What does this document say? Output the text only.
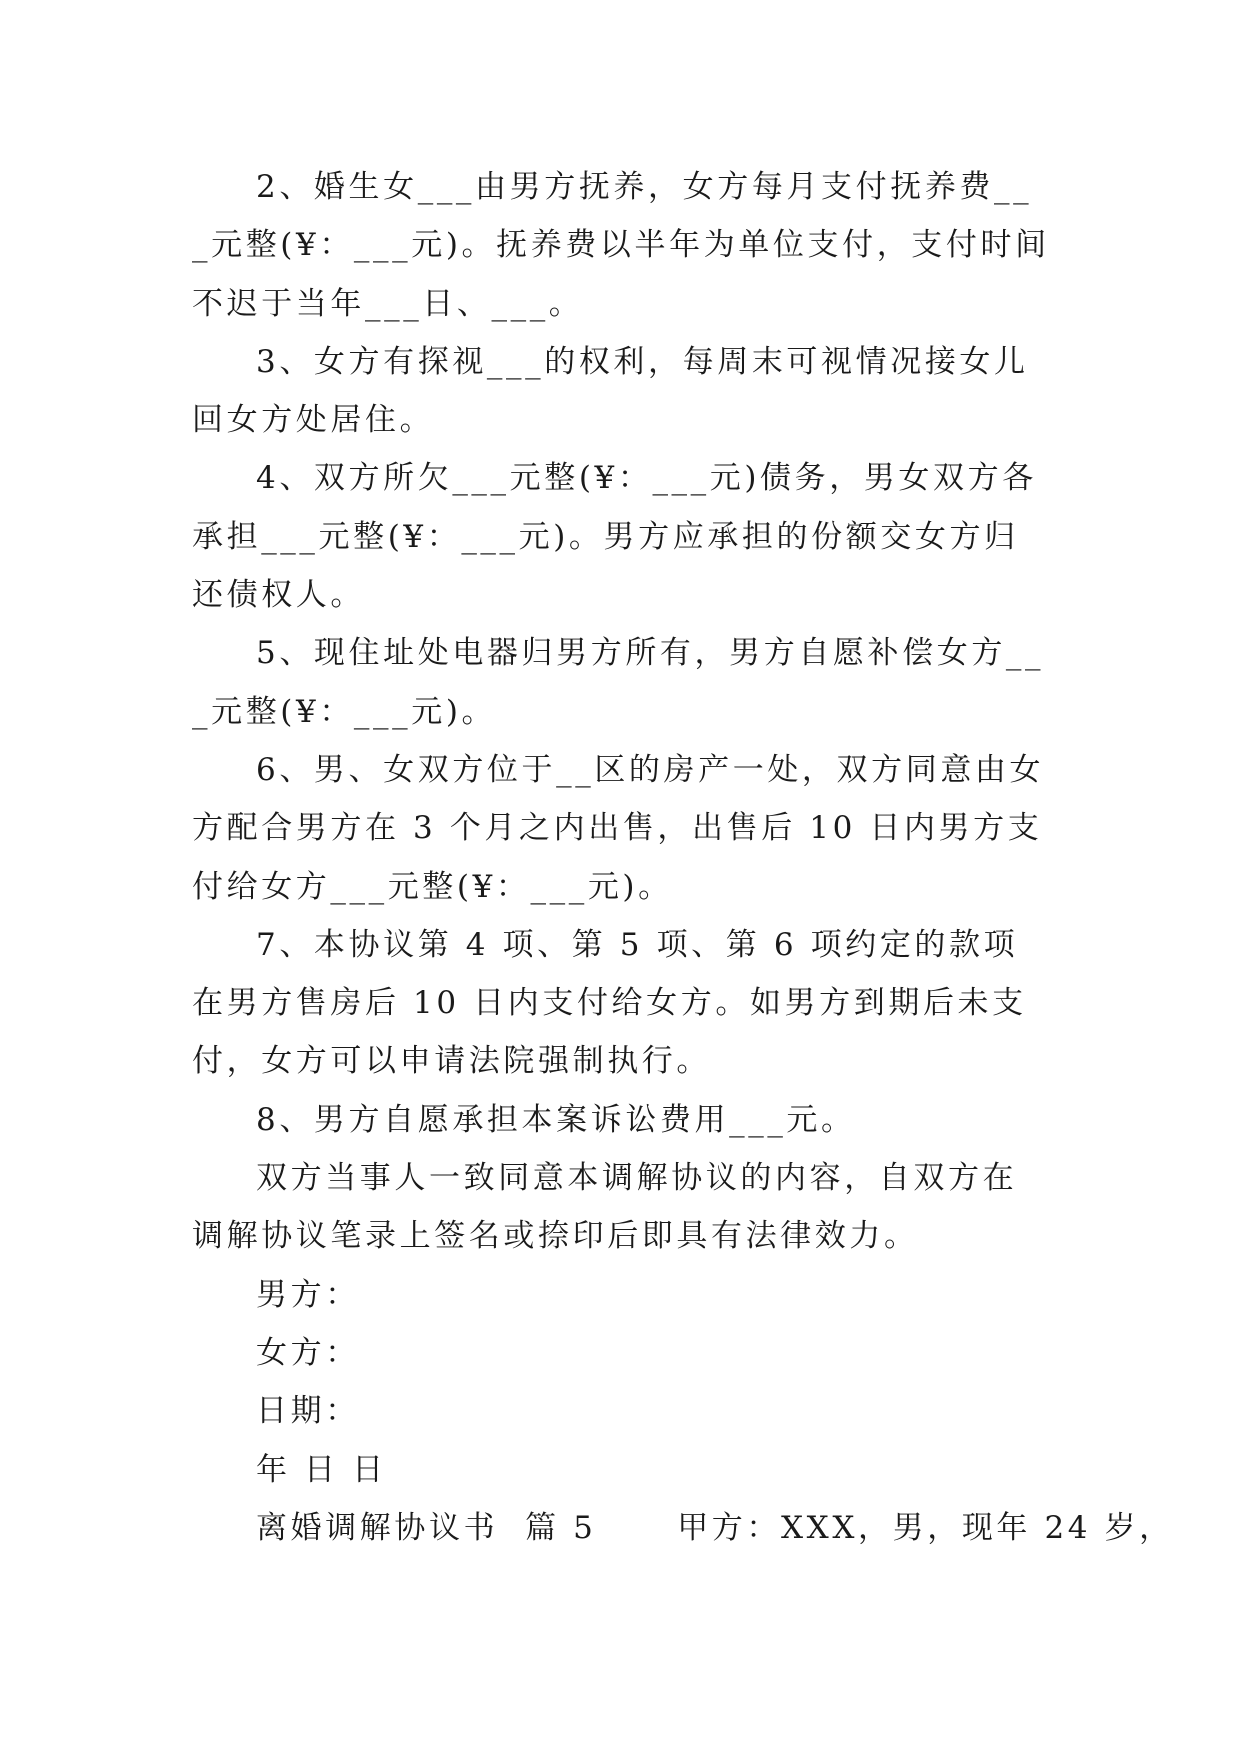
2、婚生女___由男方抚养，女方每月支付抚养费___元整(¥：___元)。抚养费以半年为单位支付，支付时间不迟于当年___日、___。

3、女方有探视___的权利，每周末可视情况接女儿回女方处居住。

4、双方所欠___元整(¥：___元)债务，男女双方各承担___元整(¥：___元)。男方应承担的份额交女方归还债权人。

5、现住址处电器归男方所有，男方自愿补偿女方___元整(¥：___元)。

6、男、女双方位于__区的房产一处，双方同意由女方配合男方在 3 个月之内出售，出售后 10 日内男方支付给女方___元整(¥：___元)。

7、本协议第 4 项、第 5 项、第 6 项约定的款项在男方售房后 10 日内支付给女方。如男方到期后未支付，女方可以申请法院强制执行。

8、男方自愿承担本案诉讼费用___元。

双方当事人一致同意本调解协议的内容，自双方在调解协议笔录上签名或捺印后即具有法律效力。

男方：

女方：

日期：

年 日 日

离婚调解协议书  篇 5      甲方：XXX，男，现年 24 岁，
